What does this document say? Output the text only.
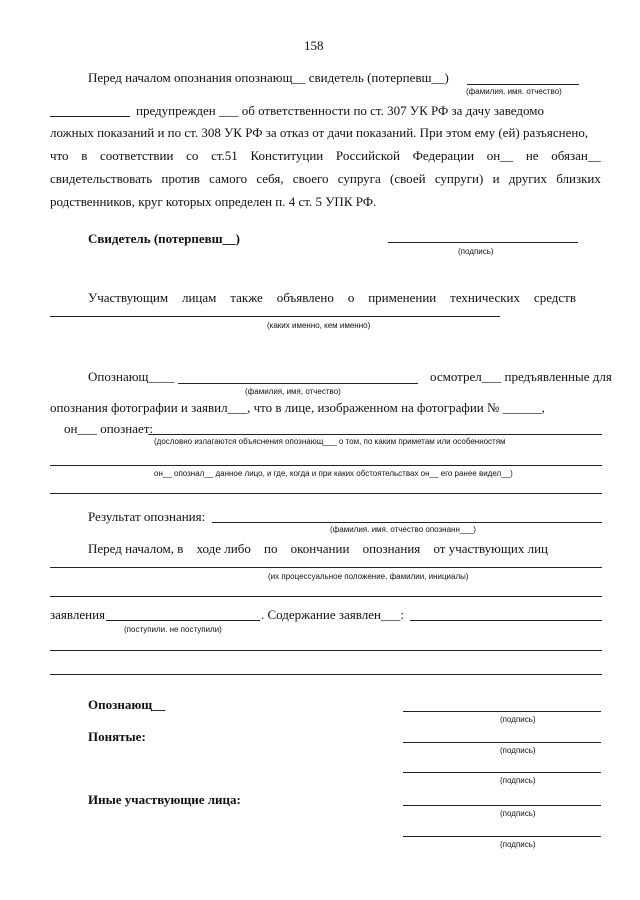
158
Перед началом опознания опознающ__ свидетель (потерпевш__)
(фамилия. имя. отчество)
предупрежден ___ об ответственности по ст. 307 УК РФ за дачу заведомо
ложных показаний и по ст. 308 УК РФ за отказ от дачи показаний. При этом ему (ей) разъяснено,
что в соответствии со ст.51 Конституции Российской Федерации он__ не обязан__
свидетельствовать против самого себя, своего супруга (своей супруги) и других близких
родственников, круг которых определен п. 4 ст. 5 УПК РФ.
Свидетель (потерпевш__)
(подпись)
Участвующим лицам также объявлено о применении технических средств
(каких именно, кем именно)
Опознающ____	осмотрел___ предъявленные для
(фамилия, имя, отчество)
опознания фотографии и заявил___, что в лице, изображенном на фотографии № ______,
он___ опознает:
(дословно излагаются объяснения опознающ___ о том, по каким приметам или особенностям
он__ опознал__ данное лицо, и где, когда и при каких обстоятельствах он__ его ранее видел__)
Результат опознания:
(фамилия. имя. отчество опознанн___)
Перед началом, в ходе либо по окончании опознания от участвующих лиц
(их процессуальное положение, фамилии, инициалы)
заявления	. Содержание заявлен___:
(поступили. не поступили)
Опознающ__
(подпись)
Понятые:
(подпись)
(подпись)
Иные участвующие лица:
(подпись)
(подпись)
